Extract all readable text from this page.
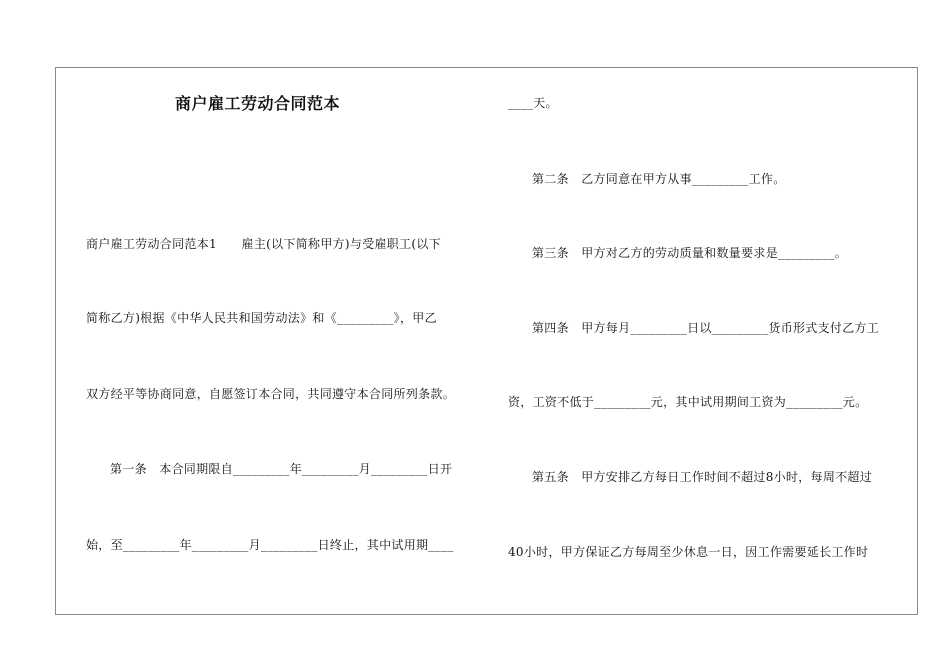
商户雇工劳动合同范本
商户雇工劳动合同范本1　　雇主(以下简称甲方)与受雇职工(以下
简称乙方)根据《中华人民共和国劳动法》和《_________》，甲乙
双方经平等协商同意，自愿签订本合同，共同遵守本合同所列条款。
第一条　本合同期限自_________年_________月_________日开
始，至_________年_________月_________日终止，其中试用期____
____天。
第二条　乙方同意在甲方从事_________工作。
第三条　甲方对乙方的劳动质量和数量要求是_________。
第四条　甲方每月_________日以_________货币形式支付乙方工
资，工资不低于_________元，其中试用期间工资为_________元。
第五条　甲方安排乙方每日工作时间不超过8小时，每周不超过
40小时，甲方保证乙方每周至少休息一日，因工作需要延长工作时
